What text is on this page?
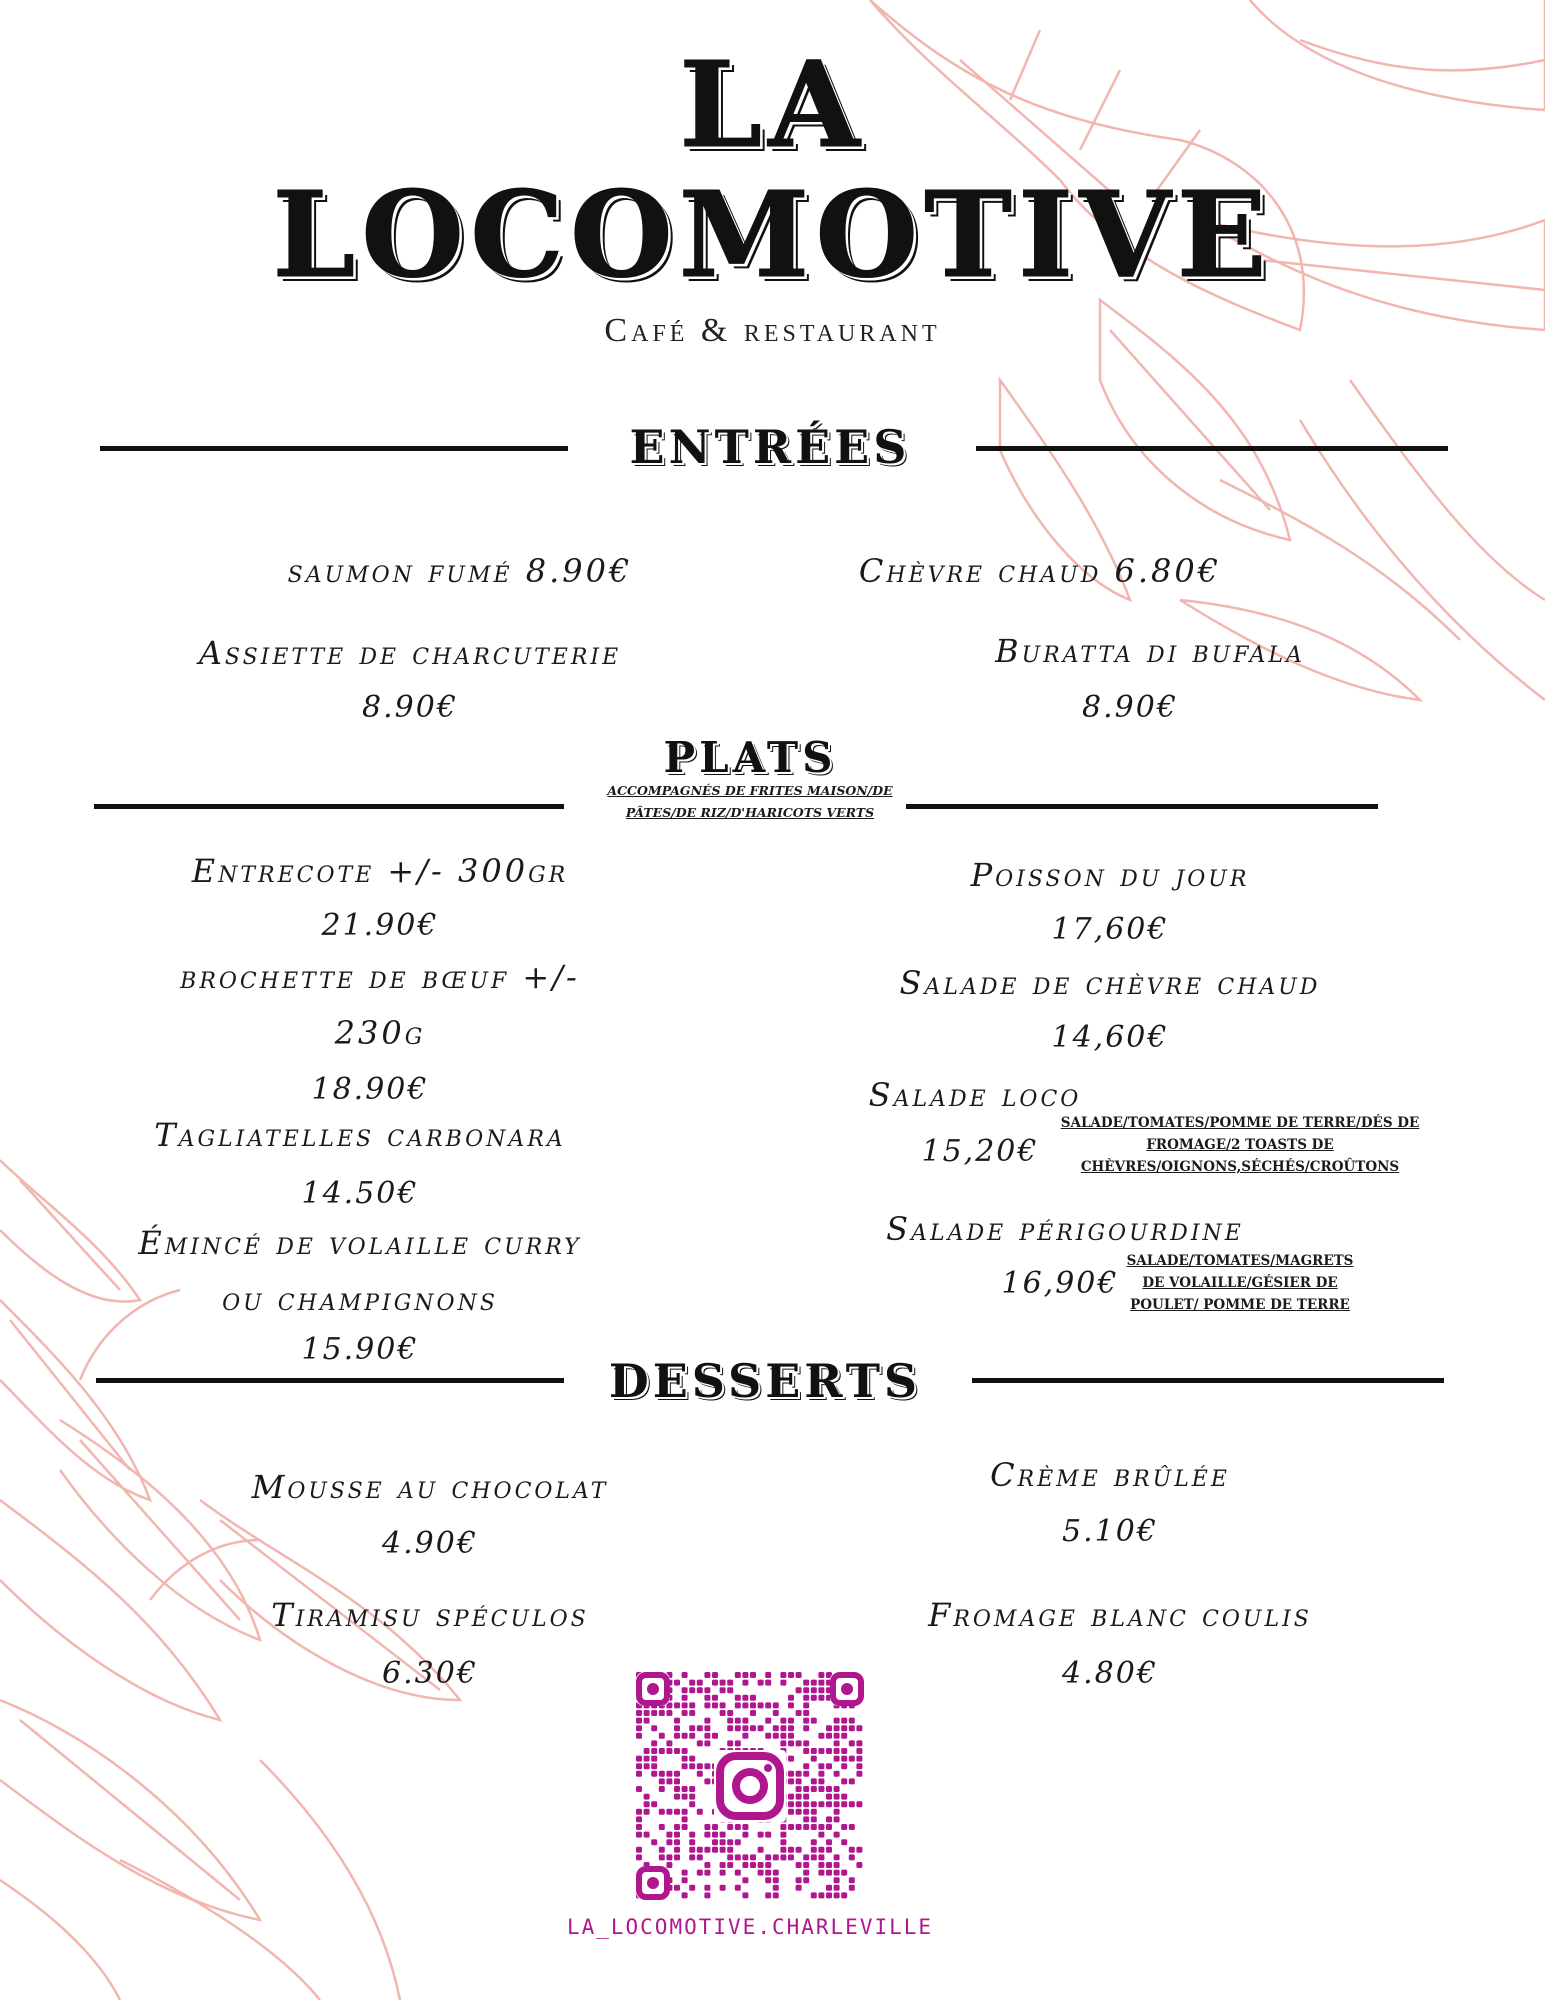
LA
LOCOMOTIVE
Café & restaurant
ENTRÉES
saumon fumé 8.90€	Chèvre chaud 6.80€
Assiette de charcuterie
8.90€
Buratta di bufala
8.90€
PLATS
ACCOMPAGNÉS DE FRITES MAISON/DE
PÂTES/DE RIZ/D'HARICOTS VERTS
Entrecote +/- 300gr
21.90€
brochette de bœuf +/-
230g
18.90€
Tagliatelles carbonara
14.50€
Émincé de volaille curry
ou champignons
15.90€
Poisson du jour
17,60€
Salade de chèvre chaud
14,60€
Salade loco
15,20€
SALADE/TOMATES/POMME DE TERRE/DÉS DE
FROMAGE/2 TOASTS DE
CHÈVRES/OIGNONS,SÉCHÉS/CROÛTONS
Salade périgourdine
16,90€
SALADE/TOMATES/MAGRETS
DE VOLAILLE/GÉSIER DE
POULET/ POMME DE TERRE
DESSERTS
Mousse au chocolat
4.90€
Crème brûlée
5.10€
Tiramisu spéculos
6.30€
Fromage blanc coulis
4.80€
LA_LOCOMOTIVE.CHARLEVILLE
